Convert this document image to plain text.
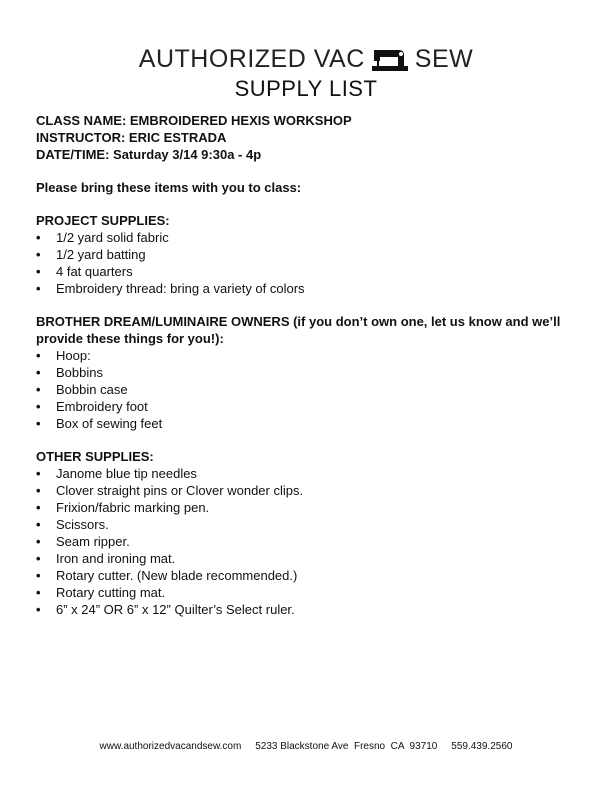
AUTHORIZED VAC SEW
SUPPLY LIST
CLASS NAME: EMBROIDERED HEXIS WORKSHOP
INSTRUCTOR: ERIC ESTRADA
DATE/TIME: Saturday 3/14 9:30a - 4p
Please bring these items with you to class:
PROJECT SUPPLIES:
• 1/2 yard solid fabric
• 1/2 yard batting
• 4 fat quarters
• Embroidery thread: bring a variety of colors
BROTHER DREAM/LUMINAIRE OWNERS (if you don’t own one, let us know and we’ll provide these things for you!):
• Hoop:
• Bobbins
• Bobbin case
• Embroidery foot
• Box of sewing feet
OTHER SUPPLIES:
• Janome blue tip needles
• Clover straight pins or Clover wonder clips.
• Frixion/fabric marking pen.
• Scissors.
• Seam ripper.
• Iron and ironing mat.
• Rotary cutter. (New blade recommended.)
• Rotary cutting mat.
• 6” x 24” OR 6” x 12” Quilter’s Select ruler.
www.authorizedvacandsew.com 5233 Blackstone Ave  Fresno  CA  93710 559.439.2560
